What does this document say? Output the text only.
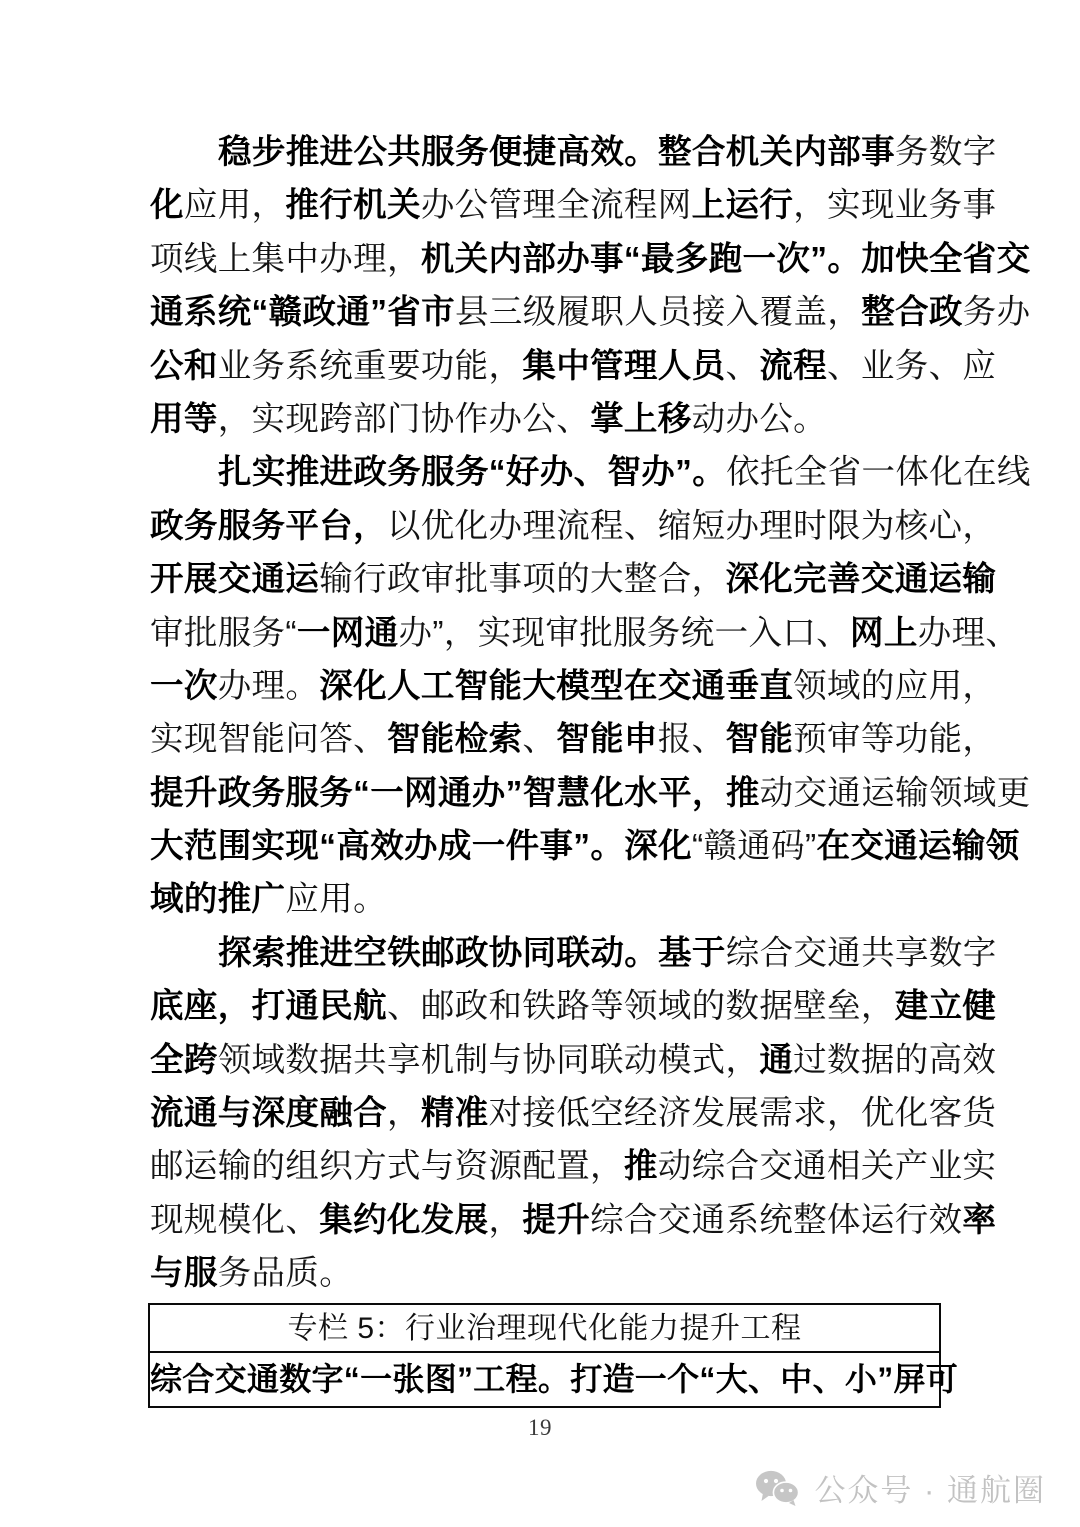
稳步推进公共服务便捷高效。整合机关内部事务数字
化应用，推行机关办公管理全流程网上运行，实现业务事
项线上集中办理，机关内部办事“最多跑一次”。加快全省交
通系统“赣政通”省市县三级履职人员接入覆盖，整合政务办
公和业务系统重要功能，集中管理人员、流程、业务、应
用等，实现跨部门协作办公、掌上移动办公。
扎实推进政务服务“好办、智办”。依托全省一体化在线
政务服务平台，以优化办理流程、缩短办理时限为核心，
开展交通运输行政审批事项的大整合，深化完善交通运输
审批服务“一网通办”，实现审批服务统一入口、网上办理、
一次办理。深化人工智能大模型在交通垂直领域的应用，
实现智能问答、智能检索、智能申报、智能预审等功能，
提升政务服务“一网通办”智慧化水平，推动交通运输领域更
大范围实现“高效办成一件事”。深化“赣通码”在交通运输领
域的推广应用。
探索推进空铁邮政协同联动。基于综合交通共享数字
底座，打通民航、邮政和铁路等领域的数据壁垒，建立健
全跨领域数据共享机制与协同联动模式，通过数据的高效
流通与深度融合，精准对接低空经济发展需求，优化客货
邮运输的组织方式与资源配置，推动综合交通相关产业实
现规模化、集约化发展，提升综合交通系统整体运行效率
与服务品质。
专栏 5：行业治理现代化能力提升工程
综合交通数字“一张图”工程。打造一个“大、中、小”屏可
19
公众号 · 通航圈
